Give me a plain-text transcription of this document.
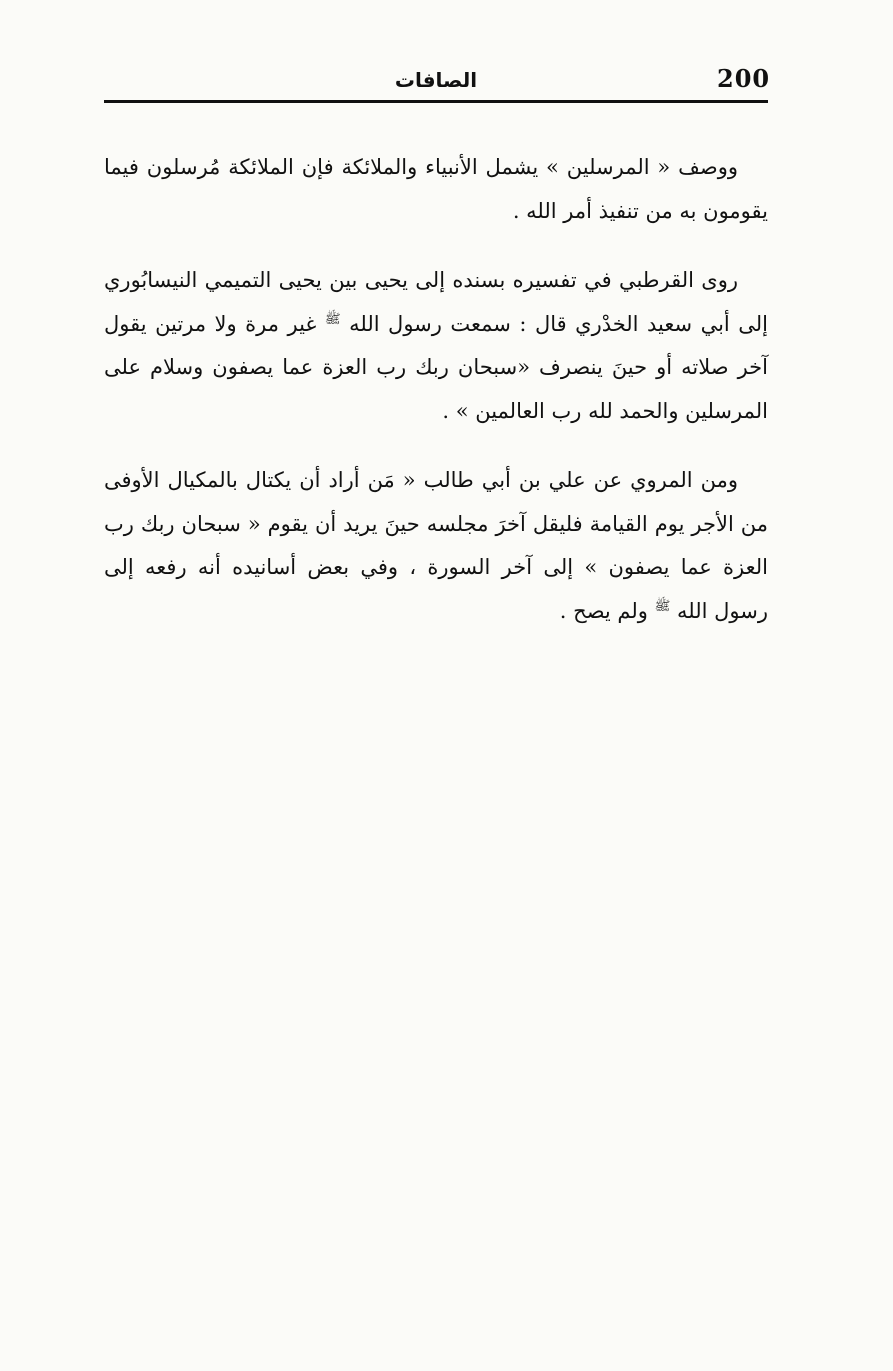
200
الصافات

ووصف « المرسلين » يشمل الأنبياء والملائكة فإن الملائكة مُرسلون فيما يقومون به من تنفيذ أمر الله .

روى القرطبي في تفسيره بسنده إلى يحيى بين يحيى التميمي النيسابُوري إلى أبي سعيد الخدْري قال : سمعت رسول الله $^ﷺ$ غير مرة ولا مرتين يقول آخر صلاته أو حينَ ينصرف «سبحان ربك رب العزة عما يصفون وسلام على المرسلين والحمد لله رب العالمين » .

ومن المروي عن علي بن أبي طالب « مَن أراد أن يكتال بالمكيال الأوفى من الأجر يوم القيامة فليقل آخرَ مجلسه حينَ يريد أن يقوم « سبحان ربك رب العزة عما يصفون » إلى آخر السورة ، وفي بعض أسانيده أنه رفعه إلى رسول الله $^ﷺ$ ولم يصح .
